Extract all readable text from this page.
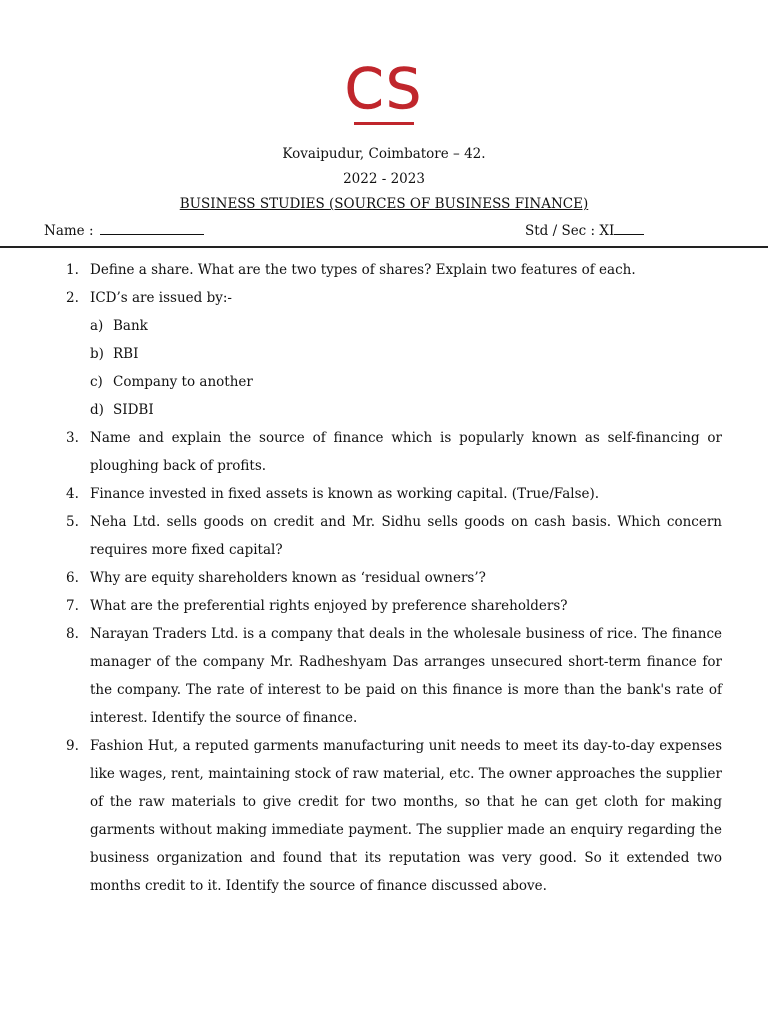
CS
Kovaipudur, Coimbatore – 42.
2022 - 2023
BUSINESS STUDIES (SOURCES OF BUSINESS FINANCE)
Name :	Std / Sec : XI
1. Define a share. What are the two types of shares? Explain two features of each.
2. ICD’s are issued by:-
a) Bank
b) RBI
c) Company to another
d) SIDBI
3. Name and explain the source of finance which is popularly known as self-financing or ploughing back of profits.
4. Finance invested in fixed assets is known as working capital. (True/False).
5. Neha Ltd. sells goods on credit and Mr. Sidhu sells goods on cash basis. Which concern requires more fixed capital?
6. Why are equity shareholders known as ‘residual owners’?
7. What are the preferential rights enjoyed by preference shareholders?
8. Narayan Traders Ltd. is a company that deals in the wholesale business of rice. The finance manager of the company Mr. Radheshyam Das arranges unsecured short-term finance for the company. The rate of interest to be paid on this finance is more than the bank's rate of interest. Identify the source of finance.
9. Fashion Hut, a reputed garments manufacturing unit needs to meet its day-to-day expenses like wages, rent, maintaining stock of raw material, etc. The owner approaches the supplier of the raw materials to give credit for two months, so that he can get cloth for making garments without making immediate payment. The supplier made an enquiry regarding the business organization and found that its reputation was very good. So it extended two months credit to it. Identify the source of finance discussed above.
